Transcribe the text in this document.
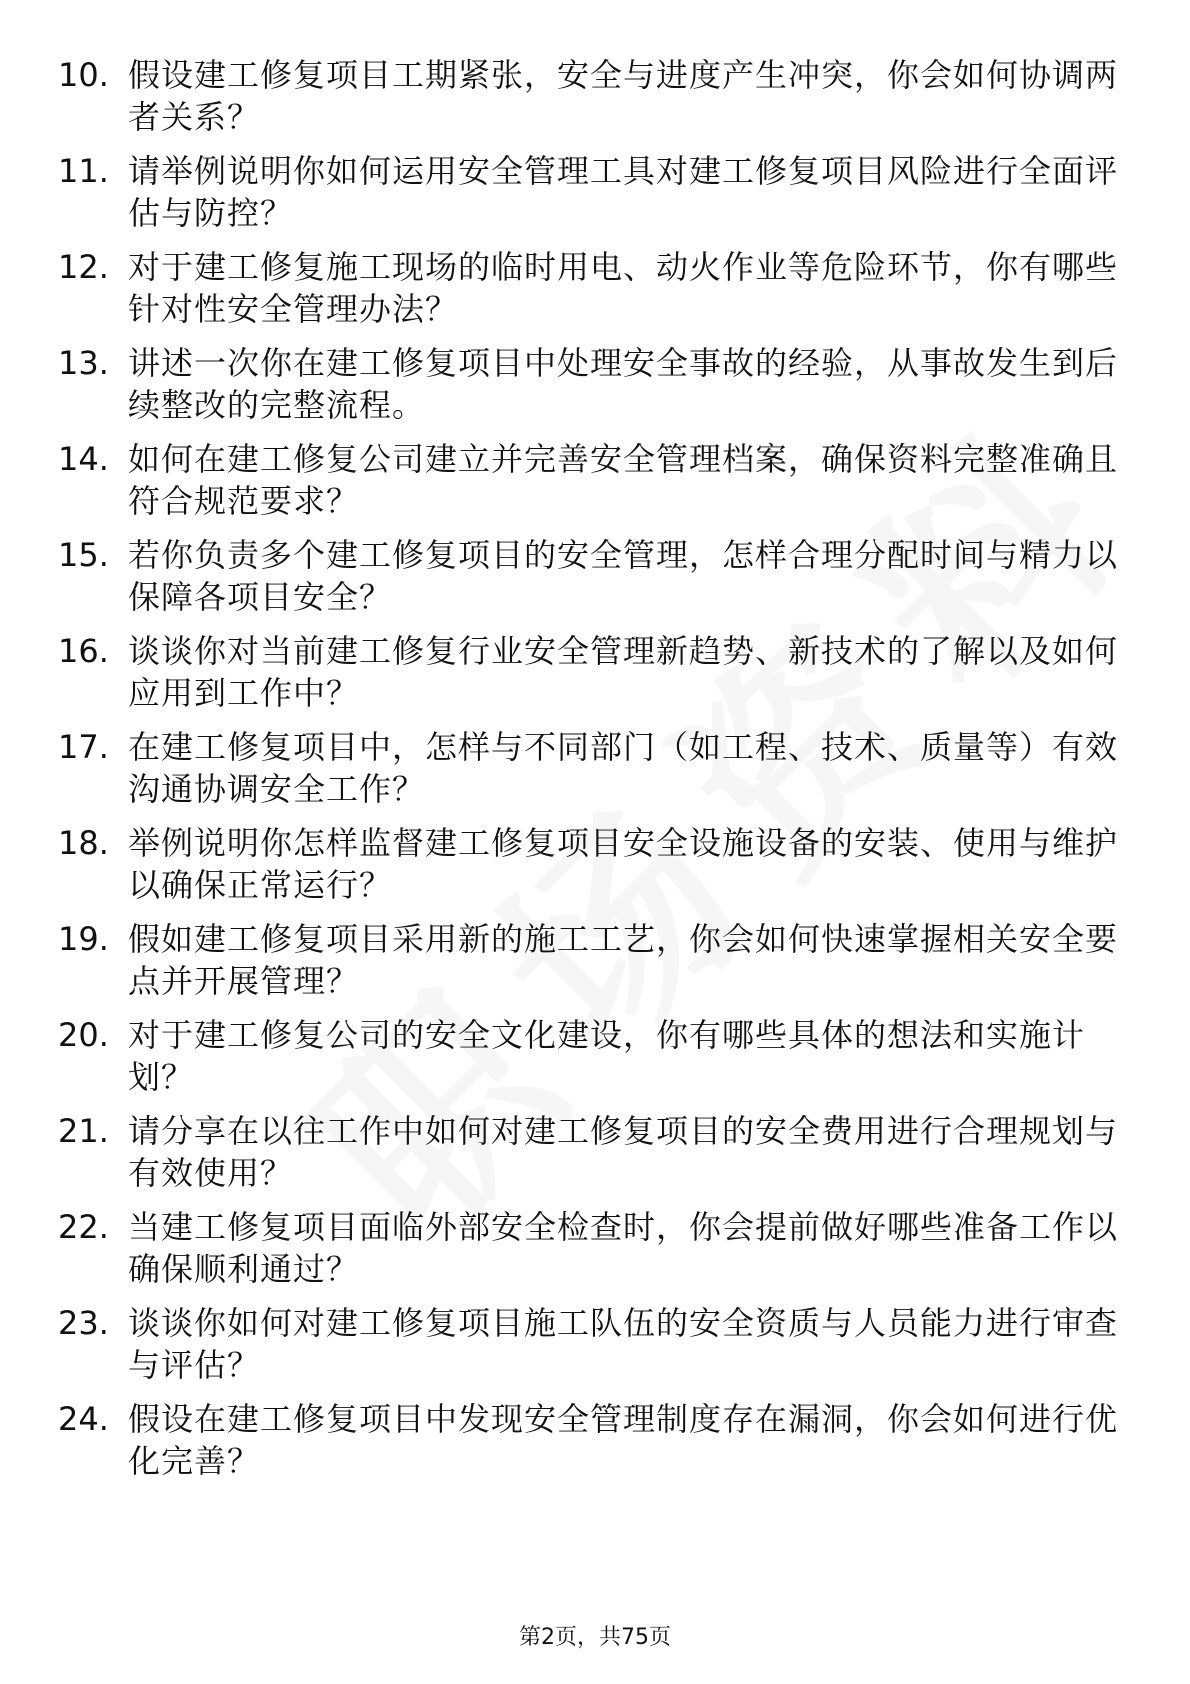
10. 假设建工修复项目工期紧张，安全与进度产生冲突，你会如何协调两者关系？
11. 请举例说明你如何运用安全管理工具对建工修复项目风险进行全面评估与防控？
12. 对于建工修复施工现场的临时用电、动火作业等危险环节，你有哪些针对性安全管理办法？
13. 讲述一次你在建工修复项目中处理安全事故的经验，从事故发生到后续整改的完整流程。
14. 如何在建工修复公司建立并完善安全管理档案，确保资料完整准确且符合规范要求？
15. 若你负责多个建工修复项目的安全管理，怎样合理分配时间与精力以保障各项目安全？
16. 谈谈你对当前建工修复行业安全管理新趋势、新技术的了解以及如何应用到工作中？
17. 在建工修复项目中，怎样与不同部门（如工程、技术、质量等）有效沟通协调安全工作？
18. 举例说明你怎样监督建工修复项目安全设施设备的安装、使用与维护以确保正常运行？
19. 假如建工修复项目采用新的施工工艺，你会如何快速掌握相关安全要点并开展管理？
20. 对于建工修复公司的安全文化建设，你有哪些具体的想法和实施计划？
21. 请分享在以往工作中如何对建工修复项目的安全费用进行合理规划与有效使用？
22. 当建工修复项目面临外部安全检查时，你会提前做好哪些准备工作以确保顺利通过？
23. 谈谈你如何对建工修复项目施工队伍的安全资质与人员能力进行审查与评估？
24. 假设在建工修复项目中发现安全管理制度存在漏洞，你会如何进行优化完善？
第2页，共75页
